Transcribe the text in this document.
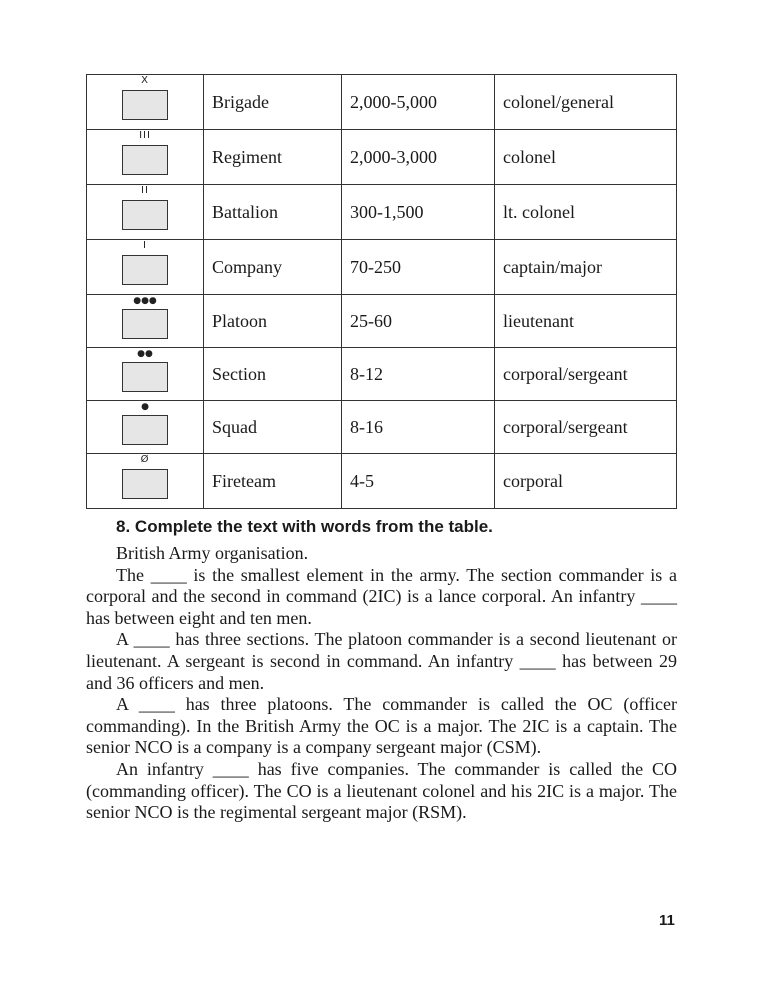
X	Brigade	2,000-5,000	colonel/general

III	Regiment	2,000-3,000	colonel

II	Battalion	300-1,500	lt. colonel

I	Company	70-250	captain/major

●●●	Platoon	25-60	lieutenant

●●	Section	8-12	corporal/sergeant

●	Squad	8-16	corporal/sergeant

Ø	Fireteam	4-5	corporal
8. Complete the text with words from the table.

British Army organisation.

The ____ is the smallest element in the army. The section commander is a corporal and the second in command (2IC) is a lance corporal. An infantry ____ has between eight and ten men.

A ____ has three sections. The platoon commander is a second lieutenant or lieutenant. A sergeant is second in command. An infantry ____ has between 29 and 36 officers and men.

A ____ has three platoons. The commander is called the OC (officer commanding). In the British Army the OC is a major. The 2IC is a captain. The senior NCO is a company is a company sergeant major (CSM).

An infantry ____ has five companies. The commander is called the CO (commanding officer). The CO is a lieutenant colonel and his 2IC is a major. The senior NCO is the regimental sergeant major (RSM).

11
